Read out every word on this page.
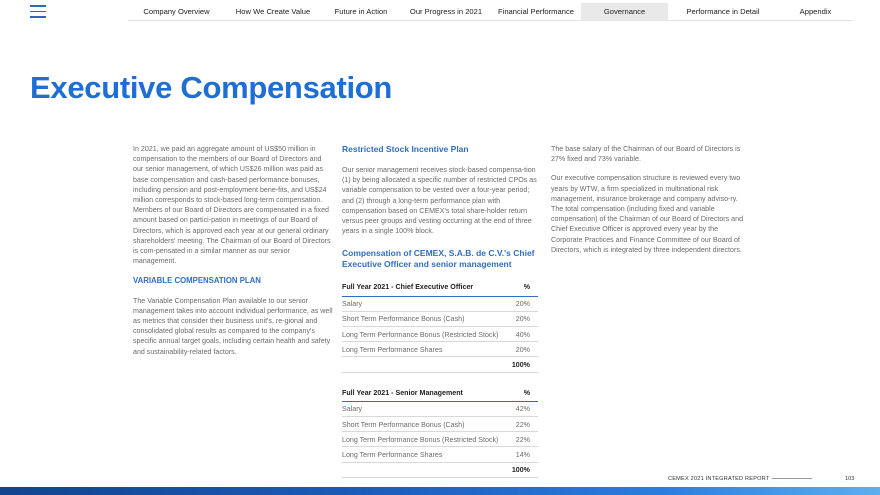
Company Overview	How We Create Value	Future in Action	Our Progress in 2021	Financial Performance	Governance	Performance in Detail	Appendix
Executive Compensation

In 2021, we paid an aggregate amount of US$50 million in compensation to the members of our Board of Directors and our senior management, of which US$26 million was paid as base compensation and cash-based performance bonuses, including pension and post-employment bene-fits, and US$24 million corresponds to stock-based long-term compensation. Members of our Board of Directors are compensated in a fixed amount based on partici-pation in meetings of our Board of Directors, which is approved each year at our general ordinary shareholders' meeting. The Chairman of our Board of Directors is com-pensated in a similar manner as our senior management.

VARIABLE COMPENSATION PLAN

The Variable Compensation Plan available to our senior management takes into account individual performance, as well as metrics that consider their business unit's, re-gional and consolidated global results as compared to the company's specific annual target goals, including certain health and safety and sustainability-related factors.

Restricted Stock Incentive Plan

Our senior management receives stock-based compensa-tion (1) by being allocated a specific number of restricted CPOs as variable compensation to be vested over a four-year period; and (2) through a long-term performance plan with compensation based on CEMEX's total share-holder return versus peer groups and vesting occurring at the end of three years in a single 100% block.

Compensation of CEMEX, S.A.B. de C.V.'s Chief Executive Officer and senior management
Full Year 2021 - Chief Executive Officer	%
Salary	20%
Short Term Performance Bonus (Cash)	20%
Long Term Performance Bonus (Restricted Stock)	40%
Long Term Performance Shares	20%
	100%
Full Year 2021 - Senior Management	%
Salary	42%
Short Term Performance Bonus (Cash)	22%
Long Term Performance Bonus (Restricted Stock)	22%
Long Term Performance Shares	14%
	100%

The base salary of the Chairman of our Board of Directors is 27% fixed and 73% variable.

Our executive compensation structure is reviewed every two years by WTW, a firm specialized in multinational risk management, insurance brokerage and company adviso-ry. The total compensation (including fixed and variable compensation) of the Chairman of our Board of Directors and Chief Executive Officer is approved every year by the Corporate Practices and Finance Committee of our Board of Directors, which is integrated by three independent directors.

CEMEX 2021 INTEGRATED REPORT	103
